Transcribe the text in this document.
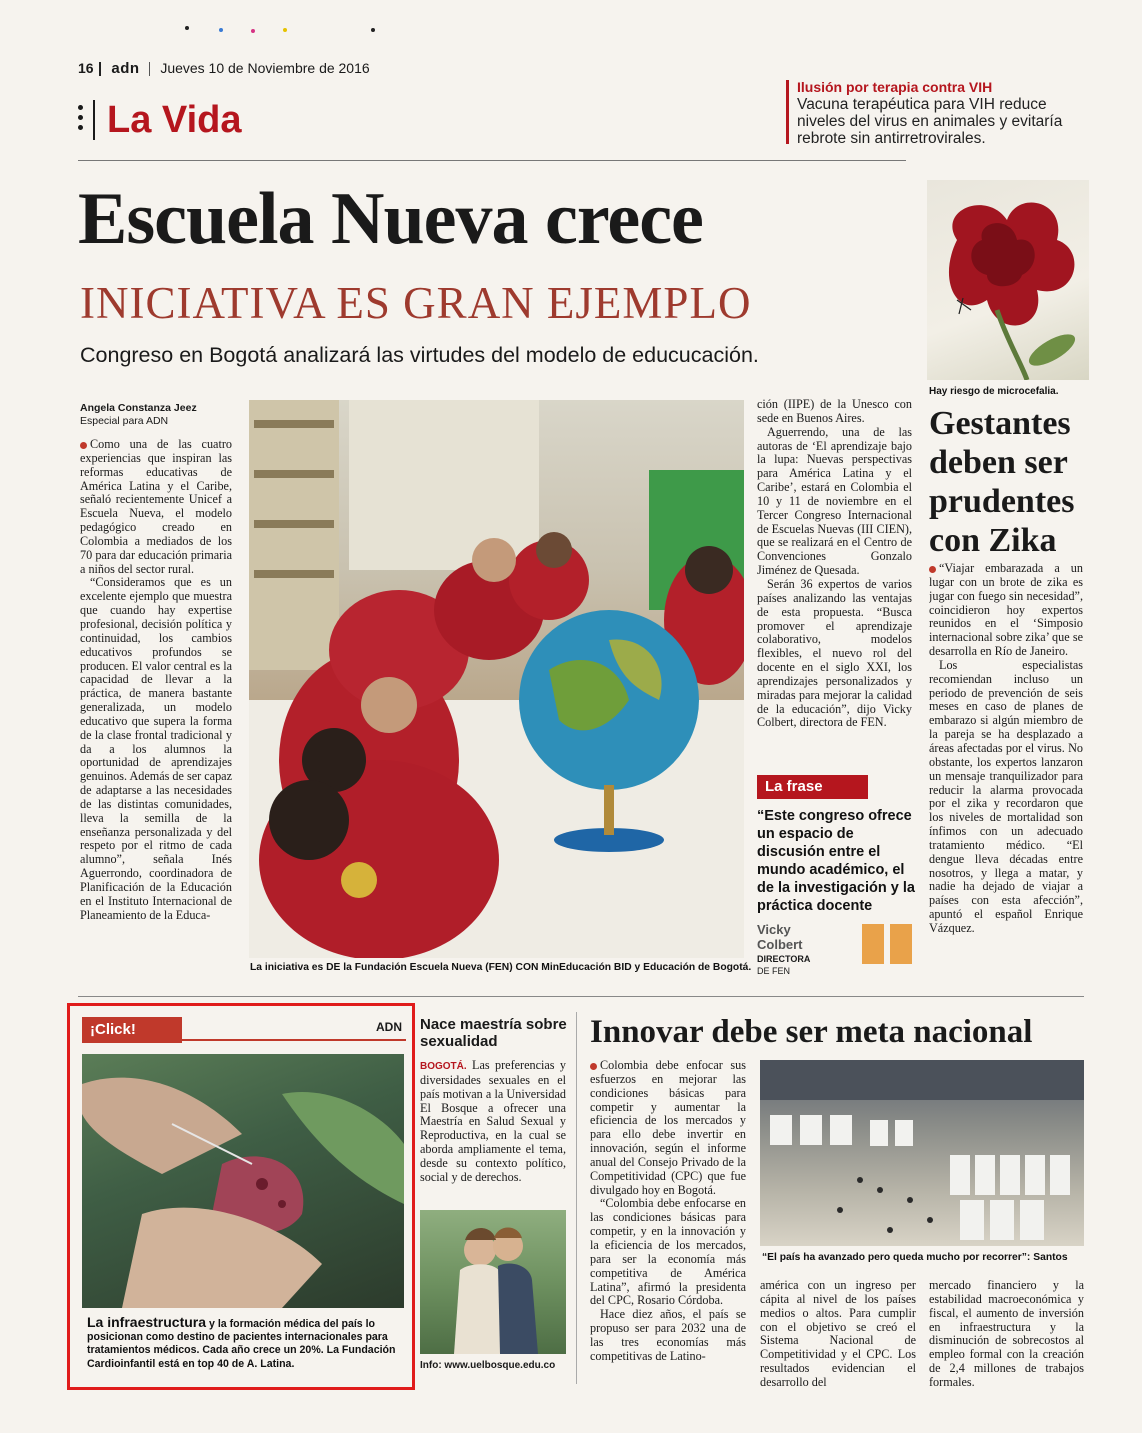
16 adn Jueves 10 de Noviembre de 2016
La Vida
Ilusión por terapia contra VIH
Vacuna terapéutica para VIH reduce niveles del virus en animales y evitaría rebrote sin antirretrovirales.
Escuela Nueva crece
INICIATIVA ES GRAN EJEMPLO
Congreso en Bogotá analizará las virtudes del modelo de educucación.
Hay riesgo de microcefalia.
Angela Constanza Jeez
Especial para ADN

Como una de las cuatro experiencias que inspiran las reformas educativas de América Latina y el Caribe, señaló recientemente Unicef a Escuela Nueva, el modelo pedagógico creado en Colombia a mediados de los 70 para dar educación primaria a niños del sector rural.

“Consideramos que es un excelente ejemplo que muestra que cuando hay expertise profesional, decisión política y continuidad, los cambios educativos profundos se producen. El valor central es la capacidad de llevar a la práctica, de manera bastante generalizada, un modelo educativo que supera la forma de la clase frontal tradicional y da a los alumnos la oportunidad de aprendizajes genuinos. Además de ser capaz de adaptarse a las necesidades de las distintas comunidades, lleva la semilla de la enseñanza personalizada y del respeto por el ritmo de cada alumno”, señala Inés Aguerrondo, coordinadora de Planificación de la Educación en el Instituto Internacional de Planeamiento de la Educa-

La iniciativa es DE la Fundación Escuela Nueva (FEN) CON MinEducación BID y Educación de Bogotá.

ción (IIPE) de la Unesco con sede en Buenos Aires.

Aguerrendo, una de las autoras de ‘El aprendizaje bajo la lupa: Nuevas perspectivas para América Latina y el Caribe’, estará en Colombia el 10 y 11 de noviembre en el Tercer Congreso Internacional de Escuelas Nuevas (III CIEN), que se realizará en el Centro de Convenciones Gonzalo Jiménez de Quesada.

Serán 36 expertos de varios países analizando las ventajas de esta propuesta. “Busca promover el aprendizaje colaborativo, modelos flexibles, el nuevo rol del docente en el siglo XXI, los aprendizajes personalizados y miradas para mejorar la calidad de la educación”, dijo Vicky Colbert, directora de FEN.

La frase
“Este congreso ofrece un espacio de discusión entre el mundo académico, el de la investigación y la práctica docente
Vicky Colbert
DIRECTORA
DE FEN
Gestantes deben ser prudentes con Zika

“Viajar embarazada a un lugar con un brote de zika es jugar con fuego sin necesidad”, coincidieron hoy expertos reunidos en el ‘Simposio internacional sobre zika’ que se desarrolla en Río de Janeiro.

Los especialistas recomiendan incluso un periodo de prevención de seis meses en caso de planes de embarazo si algún miembro de la pareja se ha desplazado a áreas afectadas por el virus. No obstante, los expertos lanzaron un mensaje tranquilizador para reducir la alarma provocada por el zika y recordaron que los niveles de mortalidad son ínfimos con un adecuado tratamiento médico. “El dengue lleva décadas entre nosotros, y llega a matar, y nadie ha dejado de viajar a países con esta afección”, apuntó el español Enrique Vázquez.

¡Click!	ADN
La infraestructura y la formación médica del país lo posicionan como destino de pacientes internacionales para tratamientos médicos. Cada año crece un 20%. La Fundación Cardioinfantil está en top 40 de A. Latina.
Nace maestría sobre sexualidad

BOGOTÁ. Las preferencias y diversidades sexuales en el país motivan a la Universidad El Bosque a ofrecer una Maestría en Salud Sexual y Reproductiva, en la cual se aborda ampliamente el tema, desde su contexto político, social y de derechos.

Info: www.uelbosque.edu.co
Innovar debe ser meta nacional

Colombia debe enfocar sus esfuerzos en mejorar las condiciones básicas para competir y aumentar la eficiencia de los mercados y para ello debe invertir en innovación, según el informe anual del Consejo Privado de la Competitividad (CPC) que fue divulgado hoy en Bogotá.

“Colombia debe enfocarse en las condiciones básicas para competir, y en la innovación y la eficiencia de los mercados, para ser la economía más competitiva de América Latina”, afirmó la presidenta del CPC, Rosario Córdoba.

Hace diez años, el país se propuso ser para 2032 una de las tres economías más competitivas de Latino-

“El país ha avanzado pero queda mucho por recorrer”: Santos

américa con un ingreso per cápita al nivel de los países medios o altos. Para cumplir con el objetivo se creó el Sistema Nacional de Competitividad y el CPC. Los resultados evidencian el desarrollo del

mercado financiero y la estabilidad macroeconómica y fiscal, el aumento de inversión en infraestructura y la disminución de sobrecostos al empleo formal con la creación de 2,4 millones de trabajos formales.
